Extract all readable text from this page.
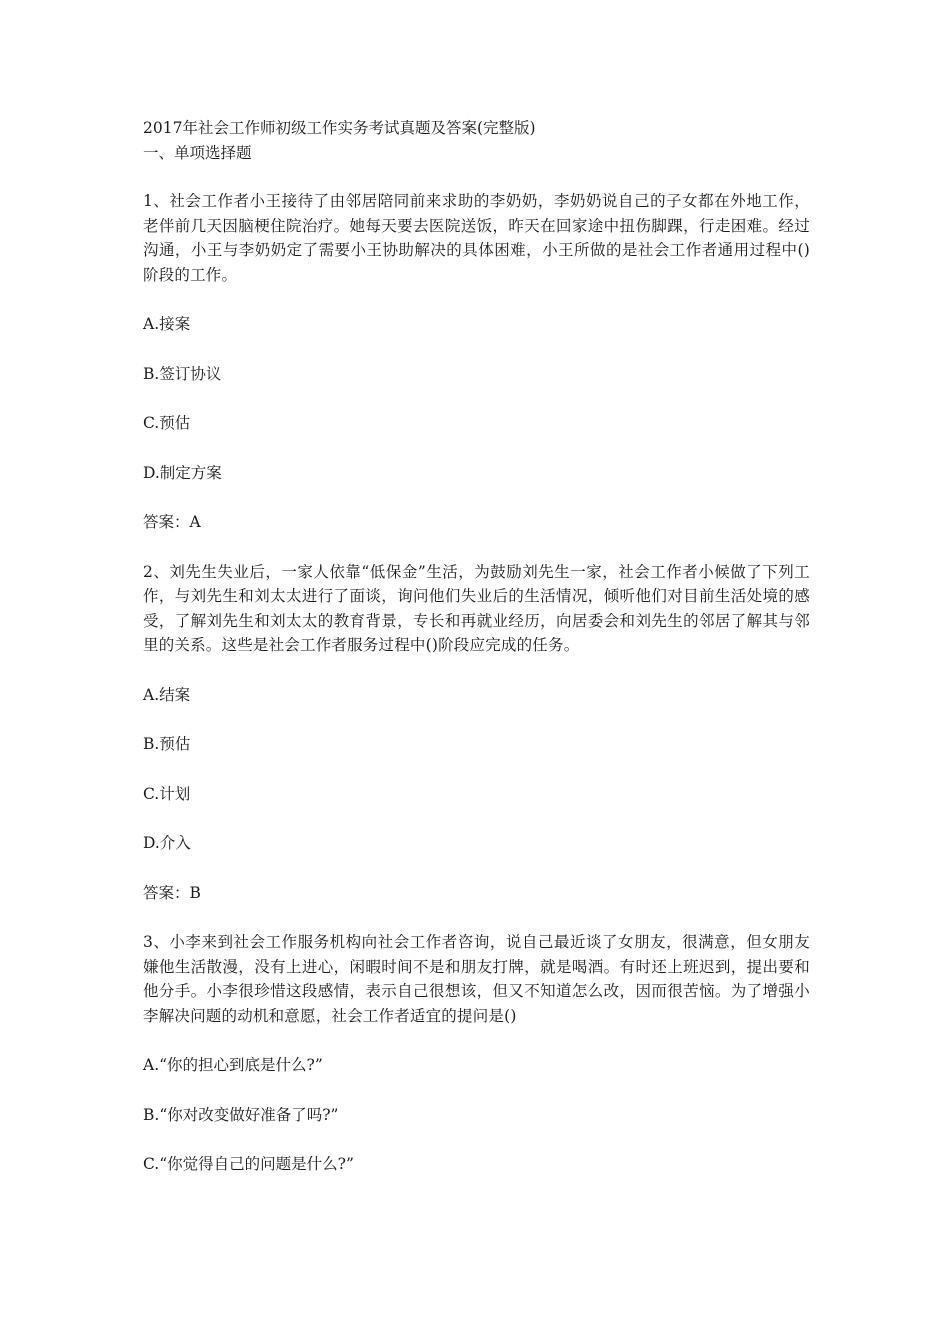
2017年社会工作师初级工作实务考试真题及答案(完整版)

一、单项选择题

1、社会工作者小王接待了由邻居陪同前来求助的李奶奶，李奶奶说自己的子女都在外地工作，老伴前几天因脑梗住院治疗。她每天要去医院送饭，昨天在回家途中扭伤脚踝，行走困难。经过沟通，小王与李奶奶定了需要小王协助解决的具体困难，小王所做的是社会工作者通用过程中()阶段的工作。

A.接案

B.签订协议

C.预估

D.制定方案

答案：A

2、刘先生失业后，一家人依靠“低保金”生活，为鼓励刘先生一家，社会工作者小候做了下列工作，与刘先生和刘太太进行了面谈，询问他们失业后的生活情况，倾听他们对目前生活处境的感受，了解刘先生和刘太太的教育背景，专长和再就业经历，向居委会和刘先生的邻居了解其与邻里的关系。这些是社会工作者服务过程中()阶段应完成的任务。

A.结案

B.预估

C.计划

D.介入

答案：B

3、小李来到社会工作服务机构向社会工作者咨询，说自己最近谈了女朋友，很满意，但女朋友嫌他生活散漫，没有上进心，闲暇时间不是和朋友打牌，就是喝酒。有时还上班迟到，提出要和他分手。小李很珍惜这段感情，表示自己很想该，但又不知道怎么改，因而很苦恼。为了增强小李解决问题的动机和意愿，社会工作者适宜的提问是()

A.“你的担心到底是什么?”

B.“你对改变做好准备了吗?”

C.“你觉得自己的问题是什么?”
